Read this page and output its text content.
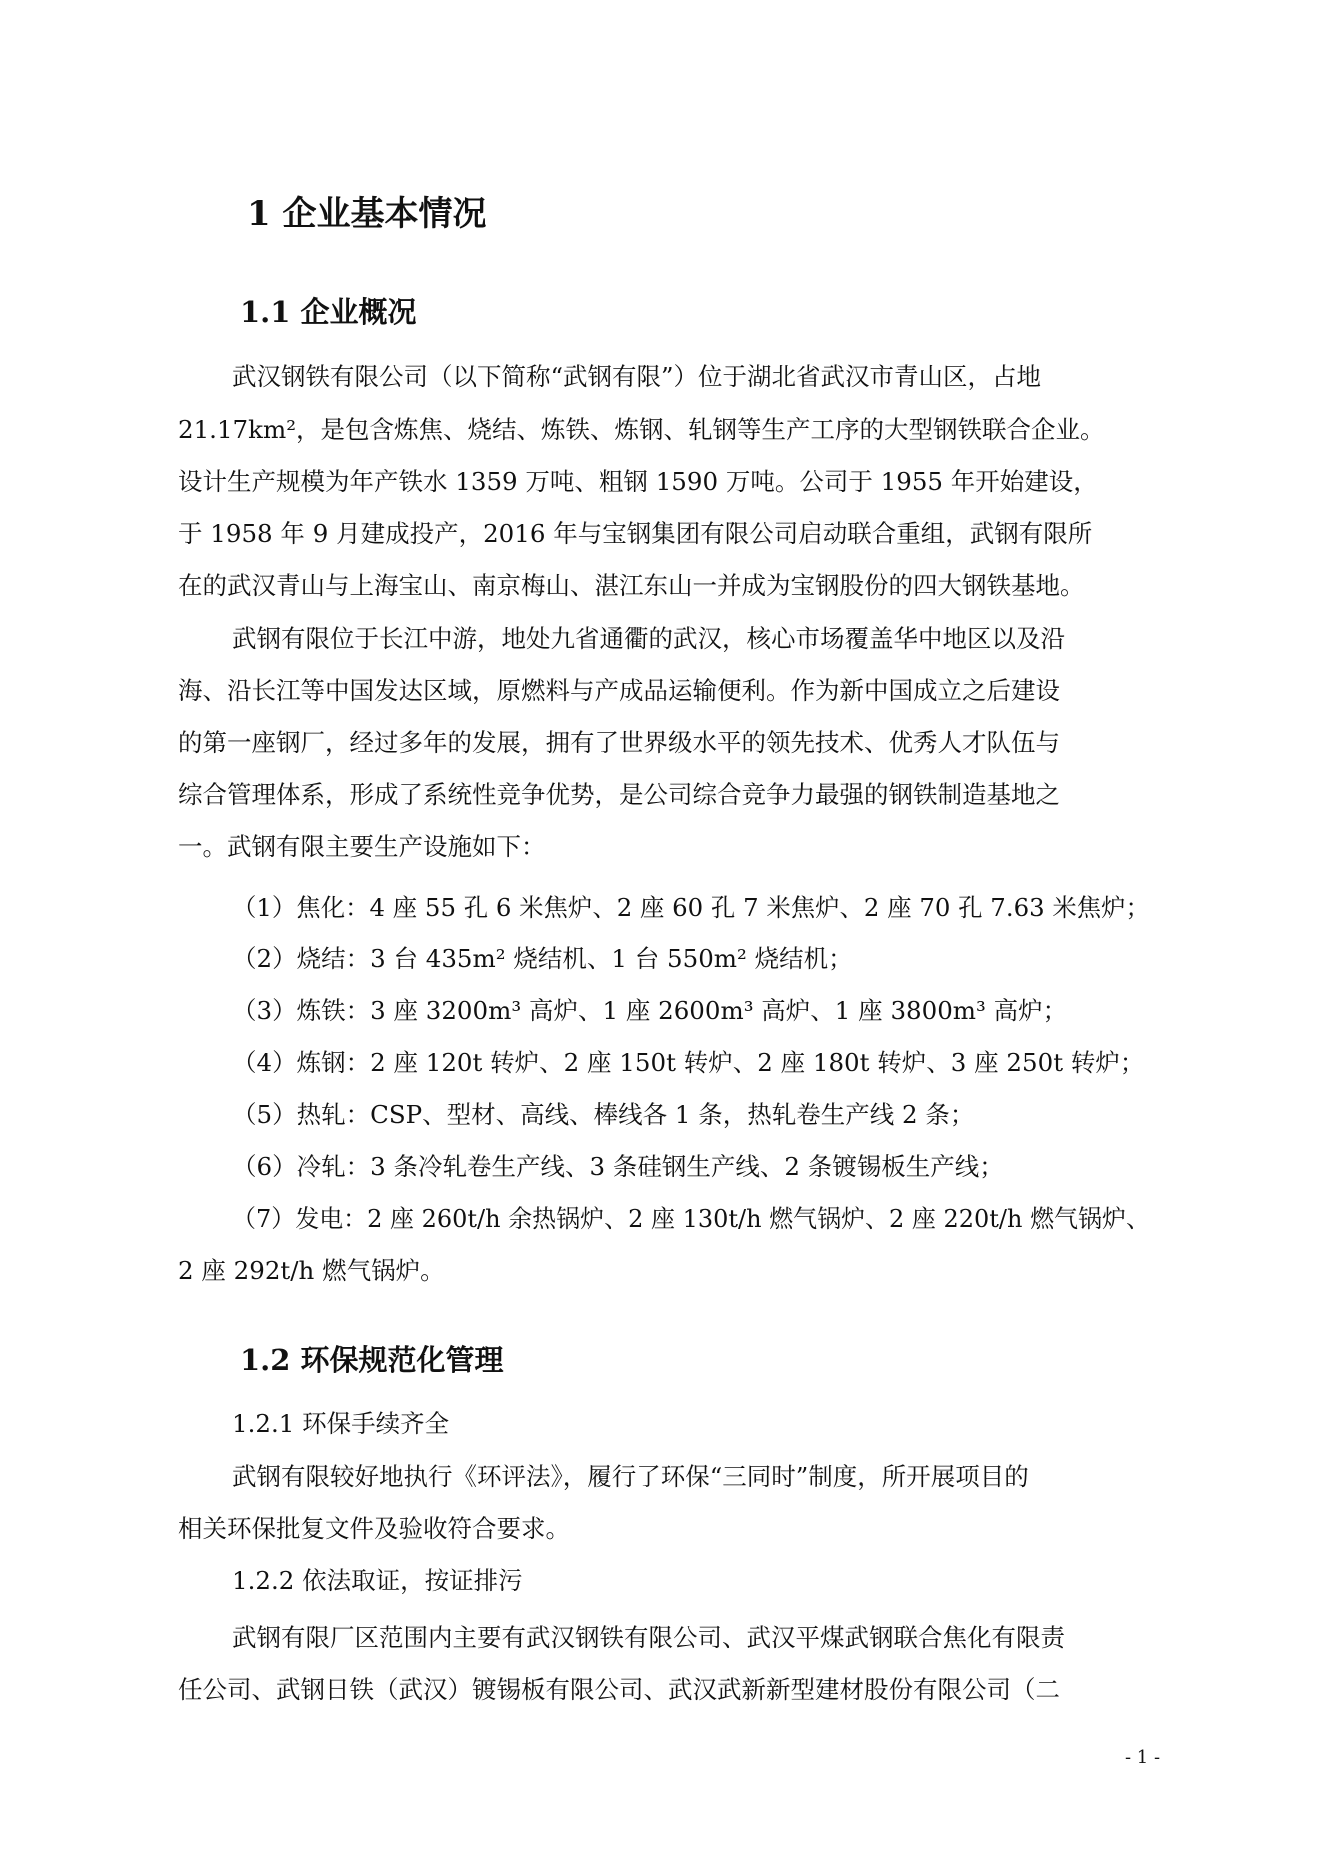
1 企业基本情况
1.1 企业概况
武汉钢铁有限公司（以下简称“武钢有限”）位于湖北省武汉市青山区，占地
21.17km²，是包含炼焦、烧结、炼铁、炼钢、轧钢等生产工序的大型钢铁联合企业。
设计生产规模为年产铁水 1359 万吨、粗钢 1590 万吨。公司于 1955 年开始建设，
于 1958 年 9 月建成投产，2016 年与宝钢集团有限公司启动联合重组，武钢有限所
在的武汉青山与上海宝山、南京梅山、湛江东山一并成为宝钢股份的四大钢铁基地。
武钢有限位于长江中游，地处九省通衢的武汉，核心市场覆盖华中地区以及沿
海、沿长江等中国发达区域，原燃料与产成品运输便利。作为新中国成立之后建设
的第一座钢厂，经过多年的发展，拥有了世界级水平的领先技术、优秀人才队伍与
综合管理体系，形成了系统性竞争优势，是公司综合竞争力最强的钢铁制造基地之
一。武钢有限主要生产设施如下：
（1）焦化：4 座 55 孔 6 米焦炉、2 座 60 孔 7 米焦炉、2 座 70 孔 7.63 米焦炉；
（2）烧结：3 台 435m² 烧结机、1 台 550m² 烧结机；
（3）炼铁：3 座 3200m³ 高炉、1 座 2600m³ 高炉、1 座 3800m³ 高炉；
（4）炼钢：2 座 120t 转炉、2 座 150t 转炉、2 座 180t 转炉、3 座 250t 转炉；
（5）热轧：CSP、型材、高线、棒线各 1 条，热轧卷生产线 2 条；
（6）冷轧：3 条冷轧卷生产线、3 条硅钢生产线、2 条镀锡板生产线；
（7）发电：2 座 260t/h 余热锅炉、2 座 130t/h 燃气锅炉、2 座 220t/h 燃气锅炉、
2 座 292t/h 燃气锅炉。
1.2 环保规范化管理
1.2.1 环保手续齐全
武钢有限较好地执行《环评法》，履行了环保“三同时”制度，所开展项目的
相关环保批复文件及验收符合要求。
1.2.2 依法取证，按证排污
武钢有限厂区范围内主要有武汉钢铁有限公司、武汉平煤武钢联合焦化有限责
任公司、武钢日铁（武汉）镀锡板有限公司、武汉武新新型建材股份有限公司（二
- 1 -
